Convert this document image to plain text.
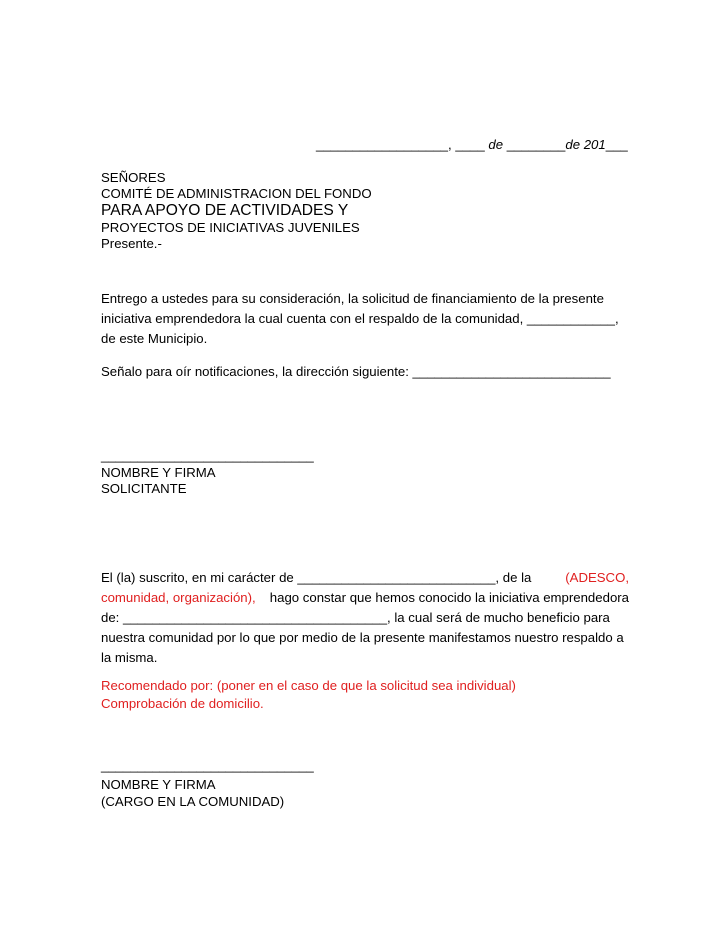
__________________, ____ de ________de 201___
SEÑORES
COMITÉ DE ADMINISTRACION DEL FONDO
PARA APOYO DE ACTIVIDADES Y
PROYECTOS DE INICIATIVAS JUVENILES
Presente.-
Entrego a ustedes para su consideración, la solicitud de financiamiento de la presente
iniciativa emprendedora la cual cuenta con el respaldo de la comunidad, ____________,
de este Municipio.
Señalo para oír notificaciones, la dirección siguiente: ___________________________
_____________________________
NOMBRE Y FIRMA
SOLICITANTE
El (la) suscrito, en mi carácter de ___________________________, de la	(ADESCO,
comunidad, organización), hago constar que hemos conocido la iniciativa emprendedora
de: ____________________________________, la cual será de mucho beneficio para
nuestra comunidad por lo que por medio de la presente manifestamos nuestro respaldo a
la misma.
Recomendado por: (poner en el caso de que la solicitud sea individual)
Comprobación de domicilio.
_____________________________
NOMBRE Y FIRMA
(CARGO EN LA COMUNIDAD)
